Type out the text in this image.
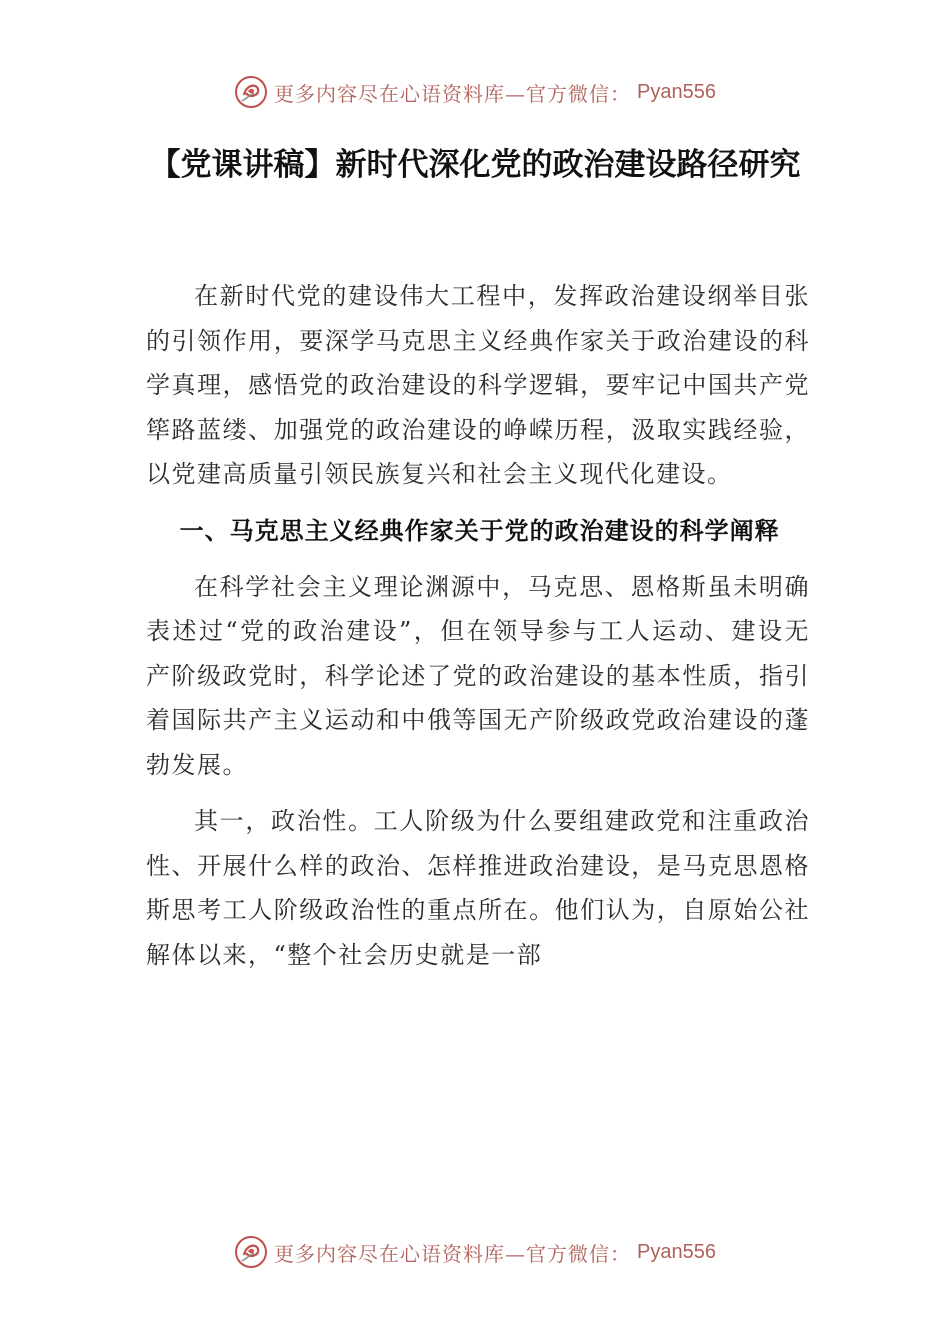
更多内容尽在心语资料库—官方微信： Pyan556
【党课讲稿】新时代深化党的政治建设路径研究

在新时代党的建设伟大工程中，发挥政治建设纲举目张的引领作用，要深学马克思主义经典作家关于政治建设的科学真理，感悟党的政治建设的科学逻辑，要牢记中国共产党筚路蓝缕、加强党的政治建设的峥嵘历程，汲取实践经验，以党建高质量引领民族复兴和社会主义现代化建设。

一、马克思主义经典作家关于党的政治建设的科学阐释

在科学社会主义理论渊源中，马克思、恩格斯虽未明确表述过“党的政治建设”，但在领导参与工人运动、建设无产阶级政党时，科学论述了党的政治建设的基本性质，指引着国际共产主义运动和中俄等国无产阶级政党政治建设的蓬勃发展。

其一，政治性。工人阶级为什么要组建政党和注重政治性、开展什么样的政治、怎样推进政治建设，是马克思恩格斯思考工人阶级政治性的重点所在。他们认为，自原始公社解体以来，“整个社会历史就是一部

更多内容尽在心语资料库—官方微信： Pyan556
